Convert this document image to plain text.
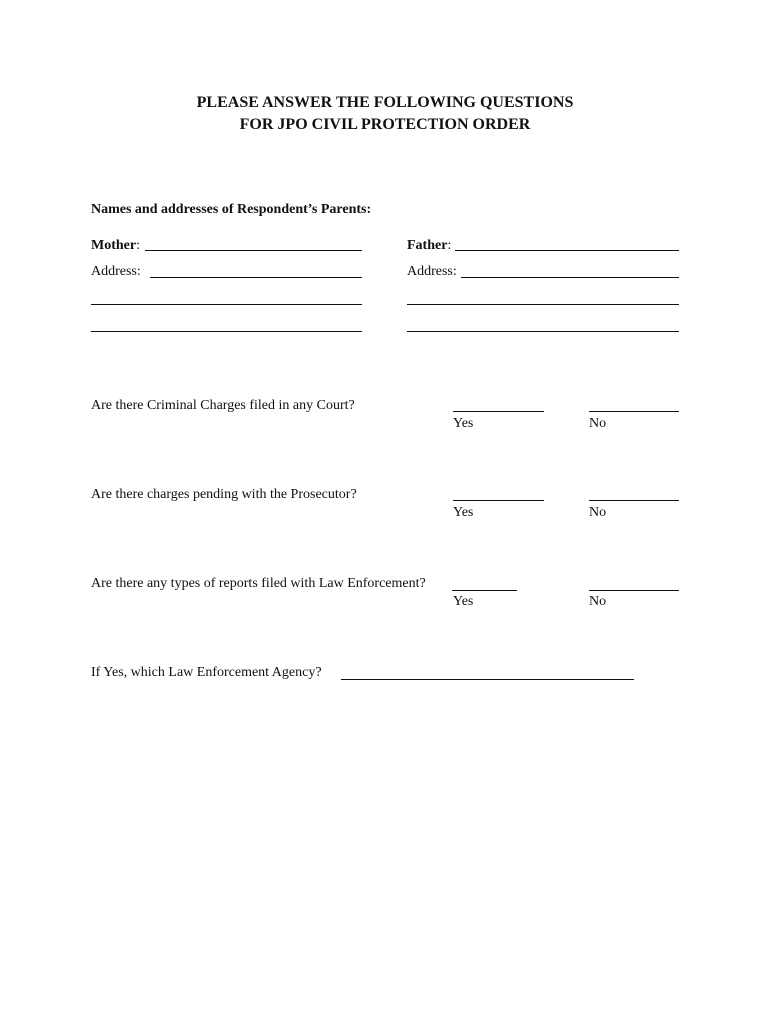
PLEASE ANSWER THE FOLLOWING QUESTIONS
FOR JPO CIVIL PROTECTION ORDER
Names and addresses of Respondent’s Parents:
Mother:	Father:
Address:	Address:
Are there Criminal Charges filed in any Court?
Yes	No
Are there charges pending with the Prosecutor?
Yes	No
Are there any types of reports filed with Law Enforcement?
Yes	No
If Yes, which Law Enforcement Agency?
